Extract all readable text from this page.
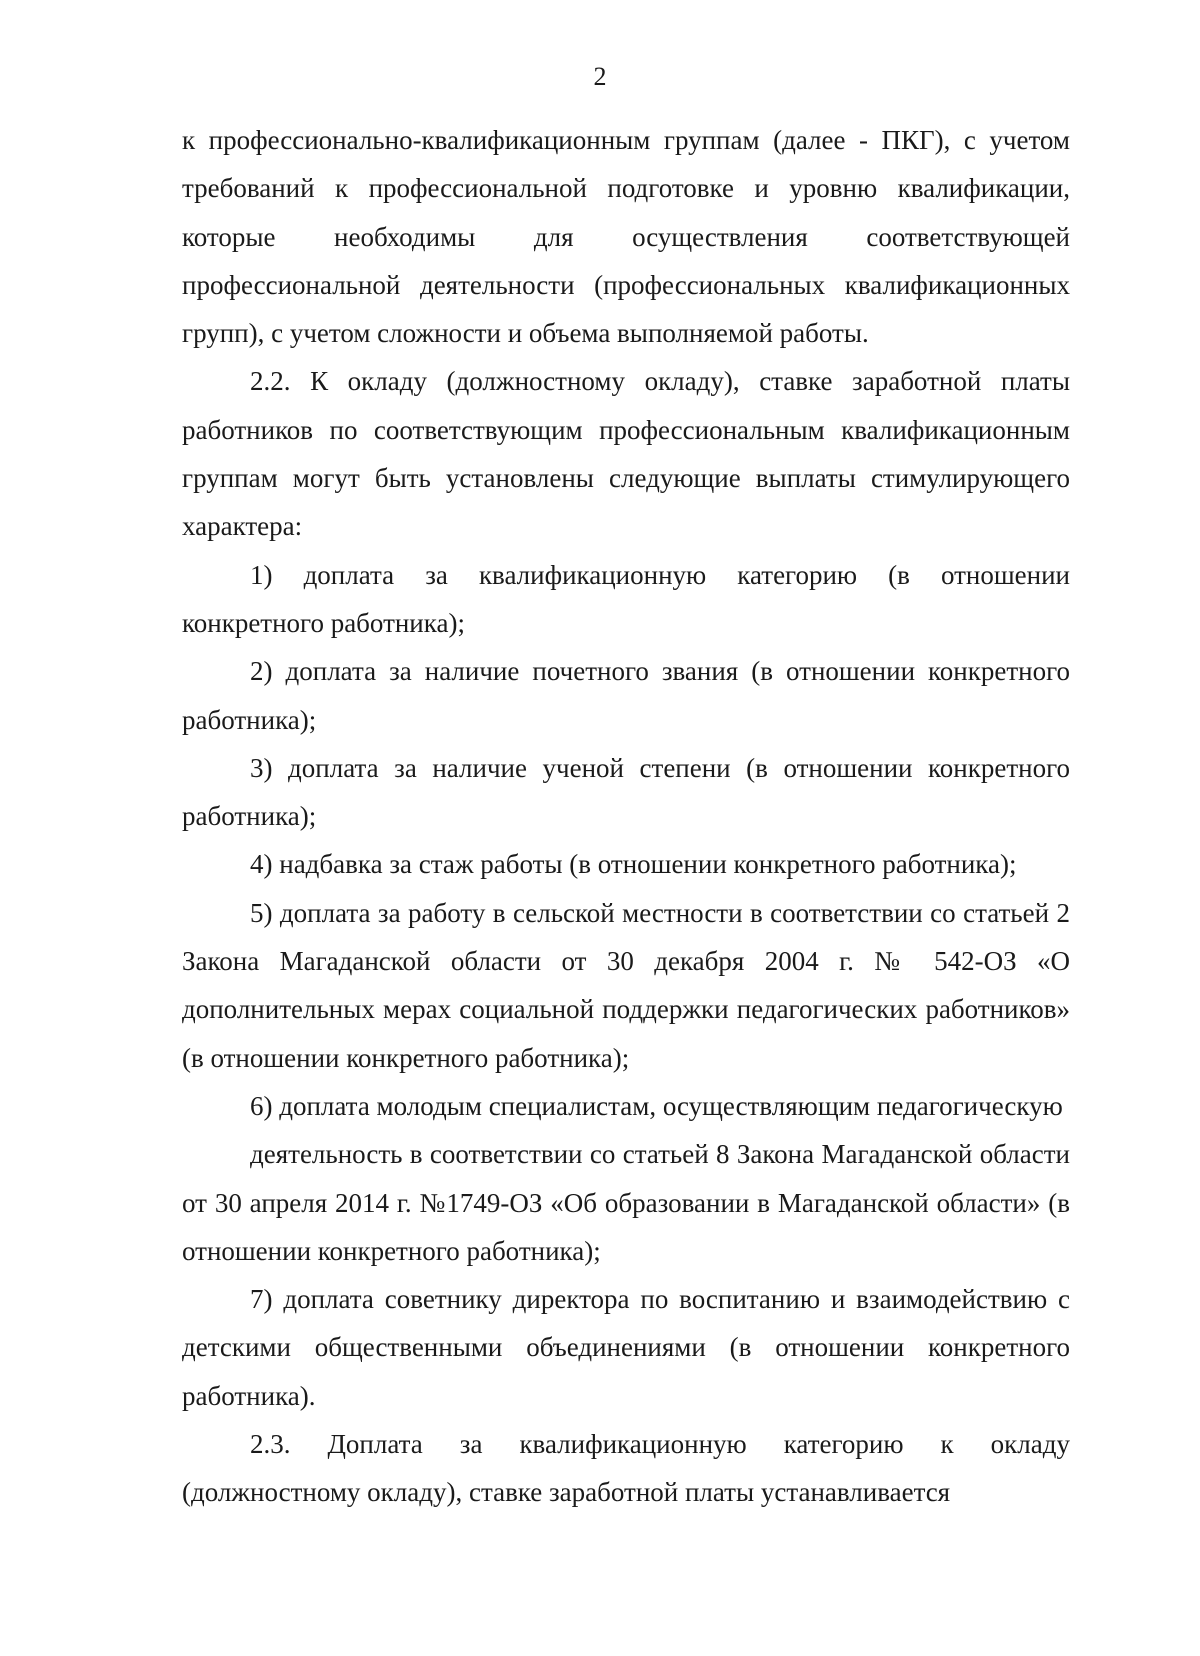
2

к профессионально-квалификационным группам (далее - ПКГ), с учетом требований к профессиональной подготовке и уровню квалификации, которые необходимы для осуществления соответствующей профессиональной деятельности (профессиональных квалификационных групп), с учетом сложности и объема выполняемой работы.

2.2. К окладу (должностному окладу), ставке заработной платы работников по соответствующим профессиональным квалификационным группам могут быть установлены следующие выплаты стимулирующего характера:

1) доплата за квалификационную категорию (в отношении конкретного работника);

2) доплата за наличие почетного звания (в отношении конкретного работника);

3) доплата за наличие ученой степени (в отношении конкретного работника);

4) надбавка за стаж работы (в отношении конкретного работника);

5) доплата за работу в сельской местности в соответствии со статьей 2 Закона Магаданской области от 30 декабря 2004 г. № 542-ОЗ «О дополнительных мерах социальной поддержки педагогических работников» (в отношении конкретного работника);

6) доплата молодым специалистам, осуществляющим педагогическую

деятельность в соответствии со статьей 8 Закона Магаданской области от 30 апреля 2014 г. №1749-ОЗ «Об образовании в Магаданской области» (в отношении конкретного работника);

7) доплата советнику директора по воспитанию и взаимодействию с детскими общественными объединениями (в отношении конкретного работника).

2.3. Доплата за квалификационную категорию к окладу (должностному окладу), ставке заработной платы устанавливается
